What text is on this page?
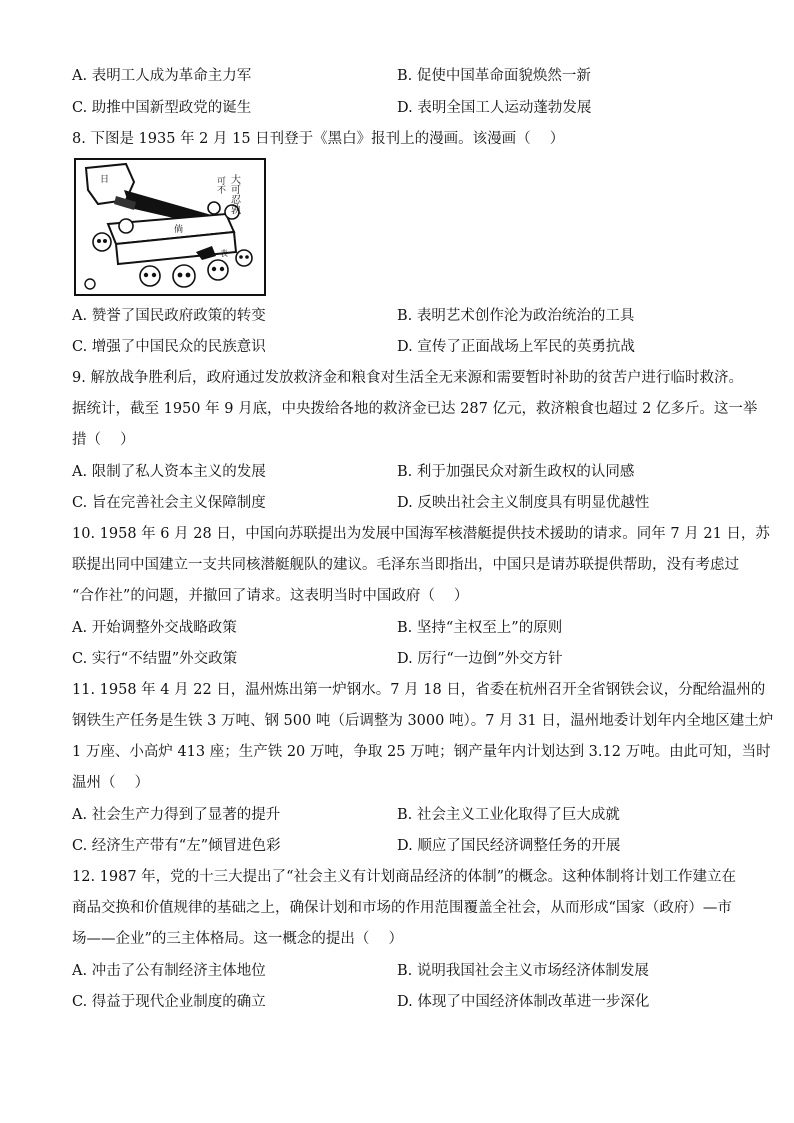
A. 表明工人成为革命主力军	B. 促使中国革命面貌焕然一新
C. 助推中国新型政党的诞生	D. 表明全国工人运动蓬勃发展
8. 下图是 1935 年 2 月 15 日刊登于《黑白》报刊上的漫画。该漫画（　 ）
日
倘
表
大可忍孰
可不
A. 赞誉了国民政府政策的转变	B. 表明艺术创作沦为政治统治的工具
C. 增强了中国民众的民族意识	D. 宣传了正面战场上军民的英勇抗战
9. 解放战争胜利后，政府通过发放救济金和粮食对生活全无来源和需要暂时补助的贫苦户进行临时救济。
据统计，截至 1950 年 9 月底，中央拨给各地的救济金已达 287 亿元，救济粮食也超过 2 亿多斤。这一举
措（　 ）
A. 限制了私人资本主义的发展	B. 利于加强民众对新生政权的认同感
C. 旨在完善社会主义保障制度	D. 反映出社会主义制度具有明显优越性
10. 1958 年 6 月 28 日，中国向苏联提出为发展中国海军核潜艇提供技术援助的请求。同年 7 月 21 日，苏
联提出同中国建立一支共同核潜艇舰队的建议。毛泽东当即指出，中国只是请苏联提供帮助，没有考虑过
“合作社”的问题，并撤回了请求。这表明当时中国政府（　 ）
A. 开始调整外交战略政策	B. 坚持“主权至上”的原则
C. 实行“不结盟”外交政策	D. 厉行“一边倒”外交方针
11. 1958 年 4 月 22 日，温州炼出第一炉钢水。7 月 18 日，省委在杭州召开全省钢铁会议，分配给温州的
钢铁生产任务是生铁 3 万吨、钢 500 吨（后调整为 3000 吨）。7 月 31 日，温州地委计划年内全地区建土炉
1 万座、小高炉 413 座；生产铁 20 万吨，争取 25 万吨；钢产量年内计划达到 3.12 万吨。由此可知，当时
温州（　 ）
A. 社会生产力得到了显著的提升	B. 社会主义工业化取得了巨大成就
C. 经济生产带有“左”倾冒进色彩	D. 顺应了国民经济调整任务的开展
12. 1987 年，党的十三大提出了“社会主义有计划商品经济的体制”的概念。这种体制将计划工作建立在
商品交换和价值规律的基础之上，确保计划和市场的作用范围覆盖全社会，从而形成“国家（政府）—市
场——企业”的三主体格局。这一概念的提出（　 ）
A. 冲击了公有制经济主体地位	B. 说明我国社会主义市场经济体制发展
C. 得益于现代企业制度的确立	D. 体现了中国经济体制改革进一步深化
